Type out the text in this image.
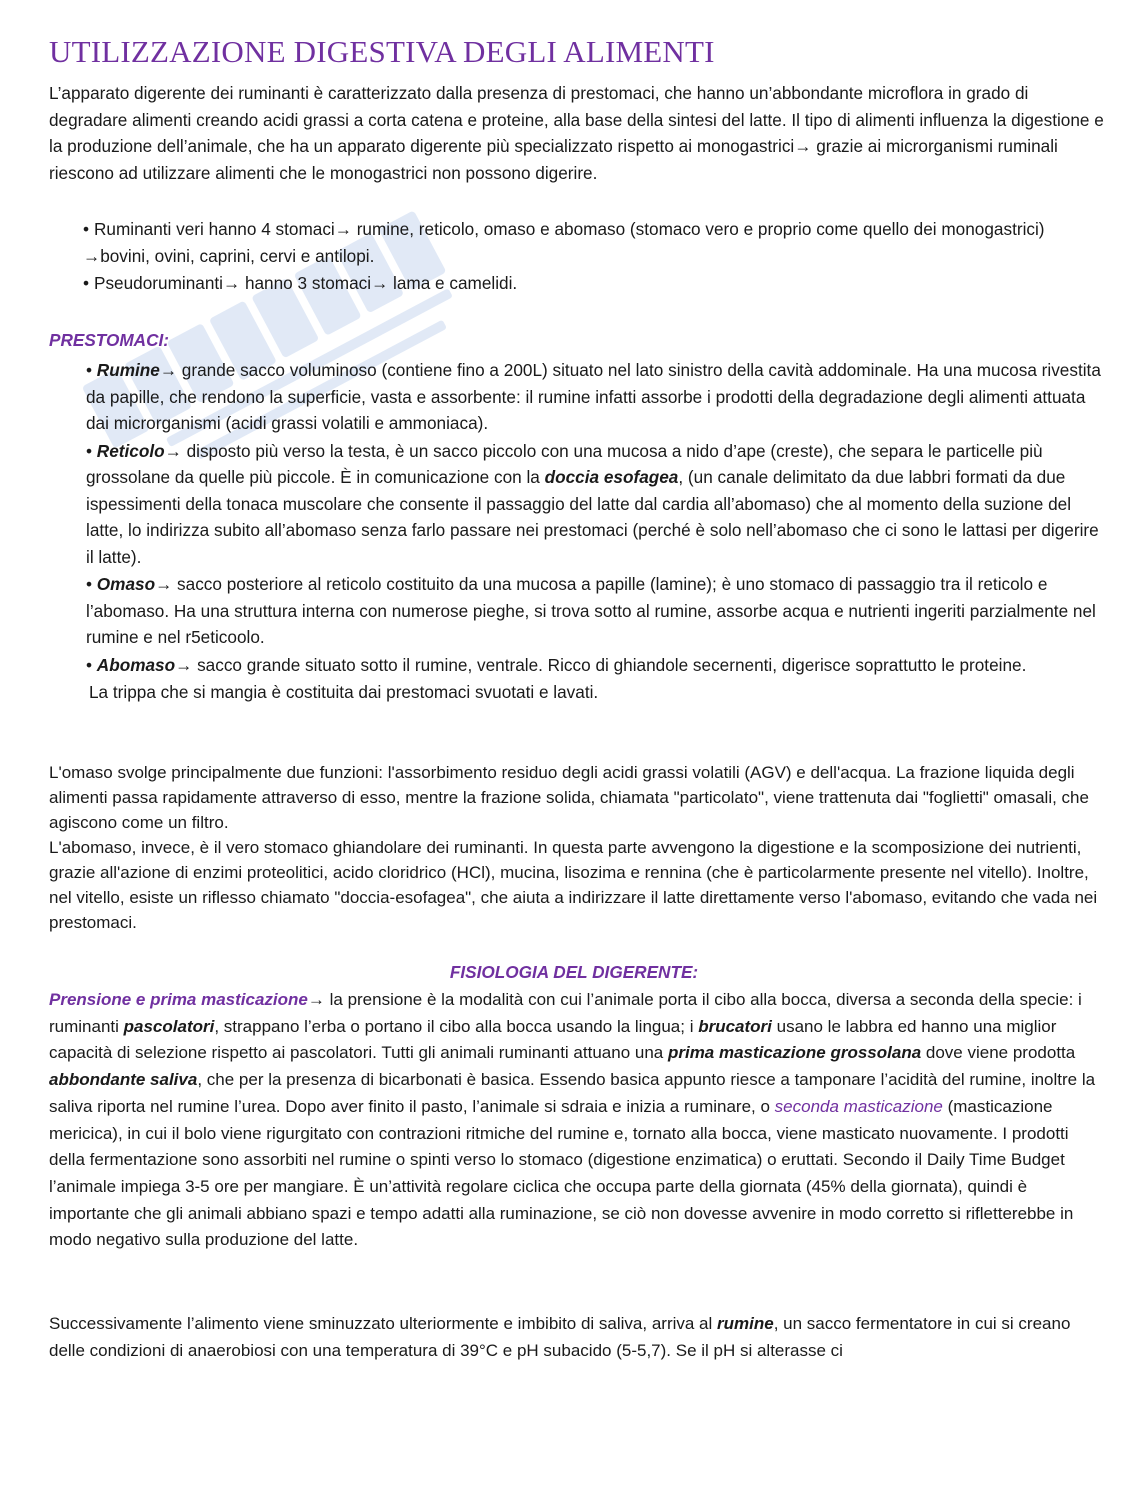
UTILIZZAZIONE DIGESTIVA DEGLI ALIMENTI

L’apparato digerente dei ruminanti è caratterizzato dalla presenza di prestomaci, che hanno un’abbondante microflora in grado di degradare alimenti creando acidi grassi a corta catena e proteine, alla base della sintesi del latte. Il tipo di alimenti influenza la digestione e la produzione dell’animale, che ha un apparato digerente più specializzato rispetto ai monogastrici→ grazie ai microrganismi ruminali riescono ad utilizzare alimenti che le monogastrici non possono digerire.

• Ruminanti veri hanno 4 stomaci→ rumine, reticolo, omaso e abomaso (stomaco vero e proprio come quello dei monogastrici) →bovini, ovini, caprini, cervi e antilopi.
• Pseudoruminanti→ hanno 3 stomaci→ lama e camelidi.
PRESTOMACI:
• Rumine→ grande sacco voluminoso (contiene fino a 200L) situato nel lato sinistro della cavità addominale. Ha una mucosa rivestita da papille, che rendono la superficie, vasta e assorbente: il rumine infatti assorbe i prodotti della degradazione degli alimenti attuata dai microrganismi (acidi grassi volatili e ammoniaca).
• Reticolo→ disposto più verso la testa, è un sacco piccolo con una mucosa a nido d’ape (creste), che separa le particelle più grossolane da quelle più piccole. È in comunicazione con la doccia esofagea, (un canale delimitato da due labbri formati da due ispessimenti della tonaca muscolare che consente il passaggio del latte dal cardia all’abomaso) che al momento della suzione del latte, lo indirizza subito all’abomaso senza farlo passare nei prestomaci (perché è solo nell’abomaso che ci sono le lattasi per digerire il latte).
• Omaso→ sacco posteriore al reticolo costituito da una mucosa a papille (lamine); è uno stomaco di passaggio tra il reticolo e l’abomaso. Ha una struttura interna con numerose pieghe, si trova sotto al rumine, assorbe acqua e nutrienti ingeriti parzialmente nel rumine e nel r5eticoolo.
• Abomaso→ sacco grande situato sotto il rumine, ventrale. Ricco di ghiandole secernenti, digerisce soprattutto le proteine.
La trippa che si mangia è costituita dai prestomaci svuotati e lavati.

L'omaso svolge principalmente due funzioni: l'assorbimento residuo degli acidi grassi volatili (AGV) e dell'acqua. La frazione liquida degli alimenti passa rapidamente attraverso di esso, mentre la frazione solida, chiamata "particolato", viene trattenuta dai "foglietti" omasali, che agiscono come un filtro.

L'abomaso, invece, è il vero stomaco ghiandolare dei ruminanti. In questa parte avvengono la digestione e la scomposizione dei nutrienti, grazie all'azione di enzimi proteolitici, acido cloridrico (HCl), mucina, lisozima e rennina (che è particolarmente presente nel vitello). Inoltre, nel vitello, esiste un riflesso chiamato "doccia-esofagea", che aiuta a indirizzare il latte direttamente verso l'abomaso, evitando che vada nei prestomaci.

FISIOLOGIA DEL DIGERENTE:

Prensione e prima masticazione→ la prensione è la modalità con cui l’animale porta il cibo alla bocca, diversa a seconda della specie: i ruminanti pascolatori, strappano l’erba o portano il cibo alla bocca usando la lingua; i brucatori usano le labbra ed hanno una miglior capacità di selezione rispetto ai pascolatori. Tutti gli animali ruminanti attuano una prima masticazione grossolana dove viene prodotta abbondante saliva, che per la presenza di bicarbonati è basica. Essendo basica appunto riesce a tamponare l’acidità del rumine, inoltre la saliva riporta nel rumine l’urea. Dopo aver finito il pasto, l’animale si sdraia e inizia a ruminare, o seconda masticazione (masticazione mericica), in cui il bolo viene rigurgitato con contrazioni ritmiche del rumine e, tornato alla bocca, viene masticato nuovamente. I prodotti della fermentazione sono assorbiti nel rumine o spinti verso lo stomaco (digestione enzimatica) o eruttati. Secondo il Daily Time Budget l’animale impiega 3-5 ore per mangiare. È un’attività regolare ciclica che occupa parte della giornata (45% della giornata), quindi è importante che gli animali abbiano spazi e tempo adatti alla ruminazione, se ciò non dovesse avvenire in modo corretto si rifletterebbe in modo negativo sulla produzione del latte.

Successivamente l’alimento viene sminuzzato ulteriormente e imbibito di saliva, arriva al rumine, un sacco fermentatore in cui si creano delle condizioni di anaerobiosi con una temperatura di 39°C e pH subacido (5-5,7). Se il pH si alterasse ci
